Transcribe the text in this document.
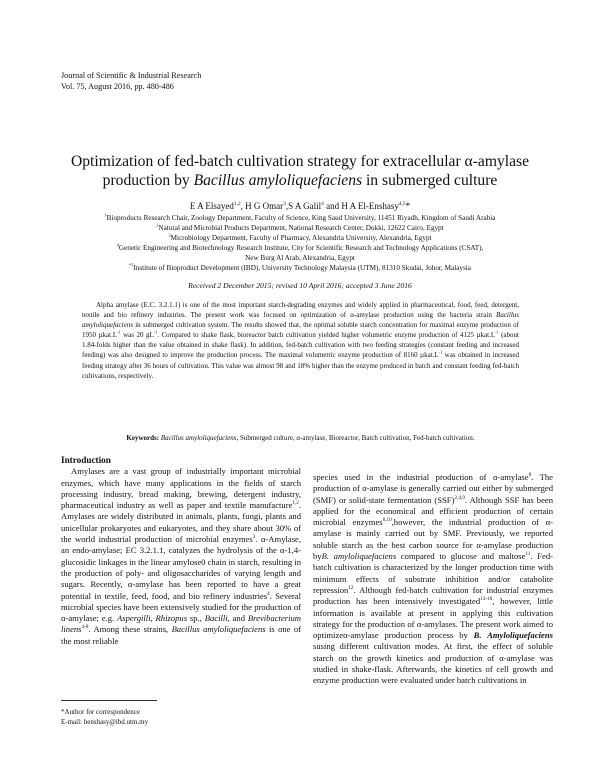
Journal of Scientific & Industrial Research
Vol. 75, August 2016, pp. 480-486
Optimization of fed-batch cultivation strategy for extracellular α-amylase
production by Bacillus amyloliquefaciens in submerged culture
E A Elsayed$^{1,2}$, H G Omar$^3$,S A Galil$^4$ and H A El-Enshasy$^{4,5}$*
$^1$Bioproducts Research Chair, Zoology Department, Faculty of Science, King Saud University, 11451 Riyadh, Kingdom of Saudi Arabia
$^2$Natural and Microbial Products Department, National Research Center, Dokki, 12622 Cairo, Egypt
$^3$Microbiology Department, Faculty of Pharmacy, Alexandria University, Alexandria, Egypt
$^4$Genetic Engineering and Biotechnology Research Institute, City for Scientific Research and Technology Applications (CSAT),
New Burg Al Arab, Alexandria, Egypt
$^{*5}$Institute of Bioproduct Development (IBD), University Technology Malaysia (UTM), 81310 Skudai, Johor, Malaysia
Received 2 December 2015; revised 10 April 2016; accepted 3 June 2016
Alpha amylase (E.C. 3.2.1.1) is one of the most important starch-degrading enzymes and widely applied in pharmaceutical, food, feed, detergent, textile and bio refinery industries. The present work was focused on optimization of α-amylase production using the bacteria strain Bacillus amyloliquefaciens in submerged cultivation system. The results showed that, the optimal soluble starch concentration for maximal enzyme production of 1950 $\mu kat.L^{-1}$ was 20 $gL^{-1}$. Compared to shake flask, bioreactor batch cultivation yielded higher volumetric enzyme production of 4125 $\mu kat.L^{-1}$ (about 1.84-folds higher than the value obtained in shake flask). In addition, fed-batch cultivation with two feeding strategies (constant feeding and increased feeding) was also designed to improve the production process. The maximal volumetric enzyme production of 8160 $\mu kat.L^{-1}$ was obtained in increased feeding strategy after 36 hours of cultivation. This value was almost 98 and 18% higher than the enzyme produced in batch and constant feeding fed-batch cultivations, respectively.
Keywords: Bacillus amyloliquefaciens, Submerged culture, α-amylase, Bioreactor, Batch cultivation, Fed-batch cultivation.

Introduction

Amylases are a vast group of industrially important microbial enzymes, which have many applications in the fields of starch processing industry, bread making, brewing, detergent industry, pharmaceutical industry as well as paper and textile manufacture$^{1,2}$. Amylases are widely distributed in animals, plants, fungi, plants and unicellular prokaryotes and eukaryotes, and they share about 30% of the world industrial production of microbial enzymes$^3$. α-Amylase, an endo-amylase; EC 3.2.1.1, catalyzes the hydrolysis of the α-1,4-glucosidic linkages in the linear amylose0 chain in starch, resulting in the production of poly- and oligosaccharides of varying length and sugars. Recently, α-amylase has been reported to have a great potential in textile, feed, food, and bio refinery industries$^4$. Several microbial species have been extensively studied for the production of α-amylase; e.g. Aspergilli, Rhizopus sp., Bacilli, and Brevibacterium linens$^{4-8}$. Among these strains, Bacillus amyloliquefaciens is one of the most reliable

species used in the industrial production of α-amylase$^8$. The production of α-amylase is generally carried out either by submerged (SMF) or solid-state fermentation (SSF)$^{2,4,9}$. Although SSF has been applied for the economical and efficient production of certain microbial enzymes$^{8,10}$,however, the industrial production of α-amylase is mainly carried out by SMF. Previously, we reported soluble starch as the best carbon source for α-amylase production byB. amyloliquefaciens compared to glucose and maltose$^{11}$. Fed-batch cultivation is characterized by the longer production time with minimum effects of substrate inhibition and/or catabolite repression$^{12}$. Although fed-batch cultivation for industrial enzymes production has been intensively investigated$^{13-16}$, however, little information is available at present in applying this cultivation strategy for the production of α-amylases. The present work aimed to optimizeα-amylase production process by B. Amyloliquefaciens susing different cultivation modes. At first, the effect of soluble starch on the growth kinetics and production of α-amylase was studied in shake-flask. Afterwards, the kinetics of cell growth and enzyme production were evaluated under batch cultivations in

*Author for correspondence
E-mail: henshasy@ibd.utm.my
